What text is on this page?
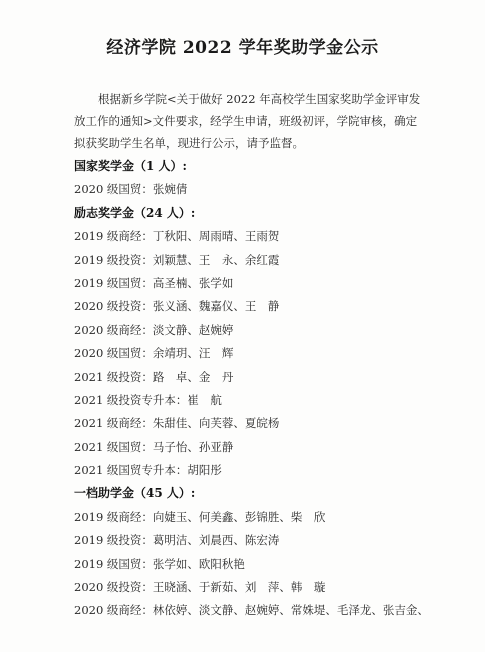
经济学院 2022 学年奖助学金公示
根据新乡学院<关于做好 2022 年高校学生国家奖助学金评审发
放工作的通知>文件要求，经学生申请，班级初评，学院审核，确定
拟获奖助学生名单，现进行公示，请予监督。
国家奖学金（1 人）:
2020 级国贸：张婉倩
励志奖学金（24 人）:
2019 级商经：丁秋阳、周雨晴、王雨贺
2019 级投资：刘颖慧、王　永、余红霞
2019 级国贸：高圣楠、张学如
2020 级投资：张义涵、魏嘉仪、王　静
2020 级商经：淡文静、赵婉婷
2020 级国贸：余靖玥、汪　辉
2021 级投资：路　卓、金　丹
2021 级投资专升本：崔　航
2021 级商经：朱甜佳、向芙蓉、夏皖杨
2021 级国贸：马子怡、孙亚静
2021 级国贸专升本：胡阳彤
一档助学金（45 人）:
2019 级商经：向婕玉、何美鑫、彭锦胜、柴　欣
2019 级投资：葛明洁、刘晨西、陈宏涛
2019 级国贸：张学如、欧阳秋艳
2020 级投资：王晓涵、于新茹、刘　萍、韩　璇
2020 级商经：林依婷、淡文静、赵婉婷、常姝堤、毛泽龙、张吉金、
